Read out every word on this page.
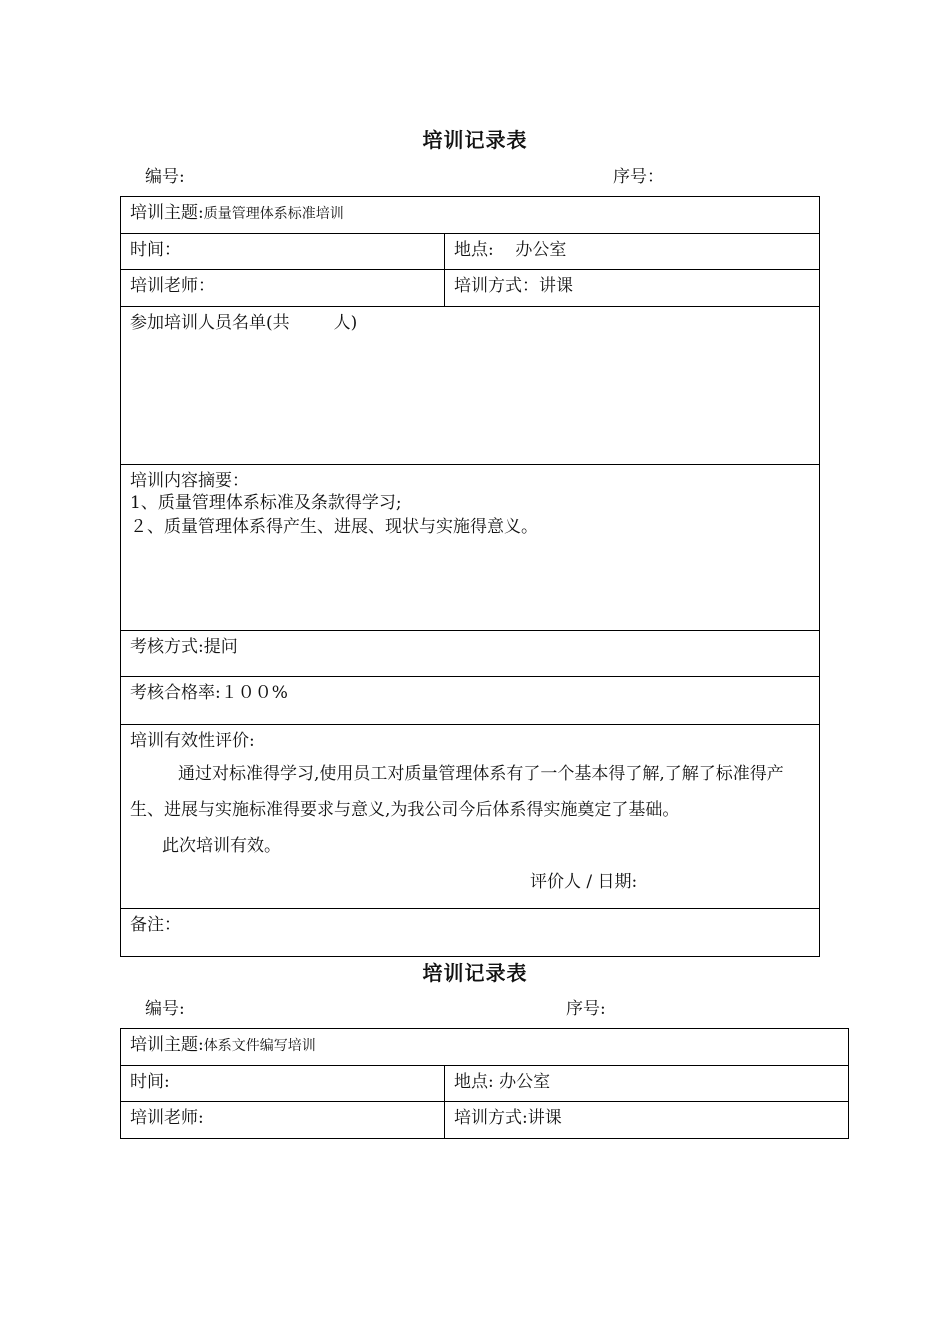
培训记录表
编号:	序号：
培训主题:质量管理体系标准培训	
时间：	地点: 办公室
培训老师：	培训方式：讲课
参加培训人员名单(共 人)	

培训内容摘要：
1、质量管理体系标准及条款得学习;
２、质量管理体系得产生、进展、现状与实施得意义。	

考核方式:提问	
考核合格率:１００%	

培训有效性评价:
通过对标准得学习,使用员工对质量管理体系有了一个基本得了解,了解了标准得产生、进展与实施标准得要求与意义,为我公司今后体系得实施奠定了基础。
此次培训有效。
评价人 / 日期:	

备注：	
培训记录表
编号:	序号:
培训主题:体系文件编写培训	
时间:	地点: 办公室
培训老师:	培训方式:讲课
